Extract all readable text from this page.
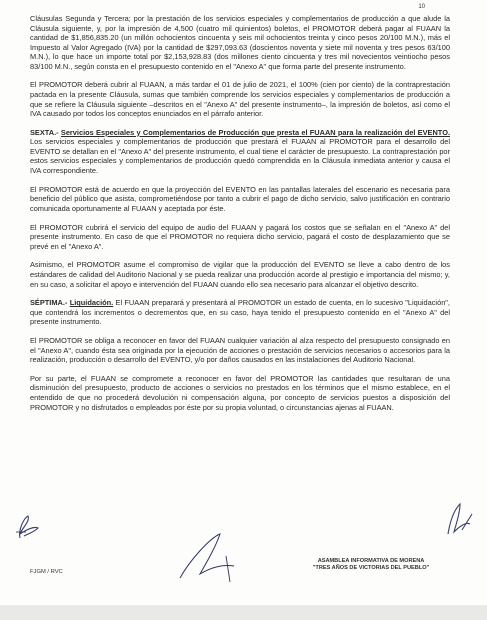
10

Cláusulas Segunda y Tercera; por la prestación de los servicios especiales y complementarios de producción a que alude la Cláusula siguiente, y, por la impresión de 4,500 (cuatro mil quinientos) boletos, el PROMOTOR deberá pagar al FUAAN la cantidad de $1,856,835.20 (un millón ochocientos cincuenta y seis mil ochocientos treinta y cinco pesos 20/100 M.N.), más el Impuesto al Valor Agregado (IVA) por la cantidad de $297,093.63 (doscientos noventa y siete mil noventa y tres pesos 63/100 M.N.), lo que hace un importe total por $2,153,928.83 (dos millones ciento cincuenta y tres mil novecientos veintiocho pesos 83/100 M.N., según consta en el presupuesto contenido en el "Anexo A" que forma parte del presente instrumento.

El PROMOTOR deberá cubrir al FUAAN, a más tardar el 01 de julio de 2021, el 100% (cien por ciento) de la contraprestación pactada en la presente Cláusula, sumas que también comprende los servicios especiales y complementarios de producción a que se refiere la Cláusula siguiente –descritos en el "Anexo A" del presente instrumento–, la impresión de boletos, así como el IVA causado por todos los conceptos enunciados en el párrafo anterior.

SEXTA.- Servicios Especiales y Complementarios de Producción que presta el FUAAN para la realización del EVENTO. Los servicios especiales y complementarios de producción que prestará el FUAAN al PROMOTOR para el desarrollo del EVENTO se detallan en el "Anexo A" del presente instrumento, el cual tiene el carácter de presupuesto. La contraprestación por estos servicios especiales y complementarios de producción quedó comprendida en la Cláusula inmediata anterior y causa el IVA correspondiente.

El PROMOTOR está de acuerdo en que la proyección del EVENTO en las pantallas laterales del escenario es necesaria para beneficio del público que asista, comprometiéndose por tanto a cubrir el pago de dicho servicio, salvo justificación en contrario comunicada oportunamente al FUAAN y aceptada por éste.

El PROMOTOR cubrirá el servicio del equipo de audio del FUAAN y pagará los costos que se señalan en el "Anexo A" del presente instrumento. En caso de que el PROMOTOR no requiera dicho servicio, pagará el costo de desplazamiento que se prevé en el "Anexo A".

Asimismo, el PROMOTOR asume el compromiso de vigilar que la producción del EVENTO se lleve a cabo dentro de los estándares de calidad del Auditorio Nacional y se pueda realizar una producción acorde al prestigio e importancia del mismo; y, en su caso, a solicitar el apoyo e intervención del FUAAN cuando ello sea necesario para alcanzar el objetivo descrito.

SÉPTIMA.- Liquidación. El FUAAN preparará y presentará al PROMOTOR un estado de cuenta, en lo sucesivo "Liquidación", que contendrá los incrementos o decrementos que, en su caso, haya tenido el presupuesto contenido en el "Anexo A" del presente instrumento.

El PROMOTOR se obliga a reconocer en favor del FUAAN cualquier variación al alza respecto del presupuesto consignado en el "Anexo A", cuando ésta sea originada por la ejecución de acciones o prestación de servicios necesarios o accesorios para la realización, producción o desarrollo del EVENTO, y/o por daños causados en las instalaciones del Auditorio Nacional.

Por su parte, el FUAAN se compromete a reconocer en favor del PROMOTOR las cantidades que resultaran de una disminución del presupuesto, producto de acciones o servicios no prestados en los términos que el mismo establece, en el entendido de que no procederá devolución ni compensación alguna, por concepto de servicios puestos a disposición del PROMOTOR y no disfrutados o empleados por éste por su propia voluntad, o circunstancias ajenas al FUAAN.

FJGM / RVC
ASAMBLEA INFORMATIVA DE MORENA
"TRES AÑOS DE VICTORIAS DEL PUEBLO"
